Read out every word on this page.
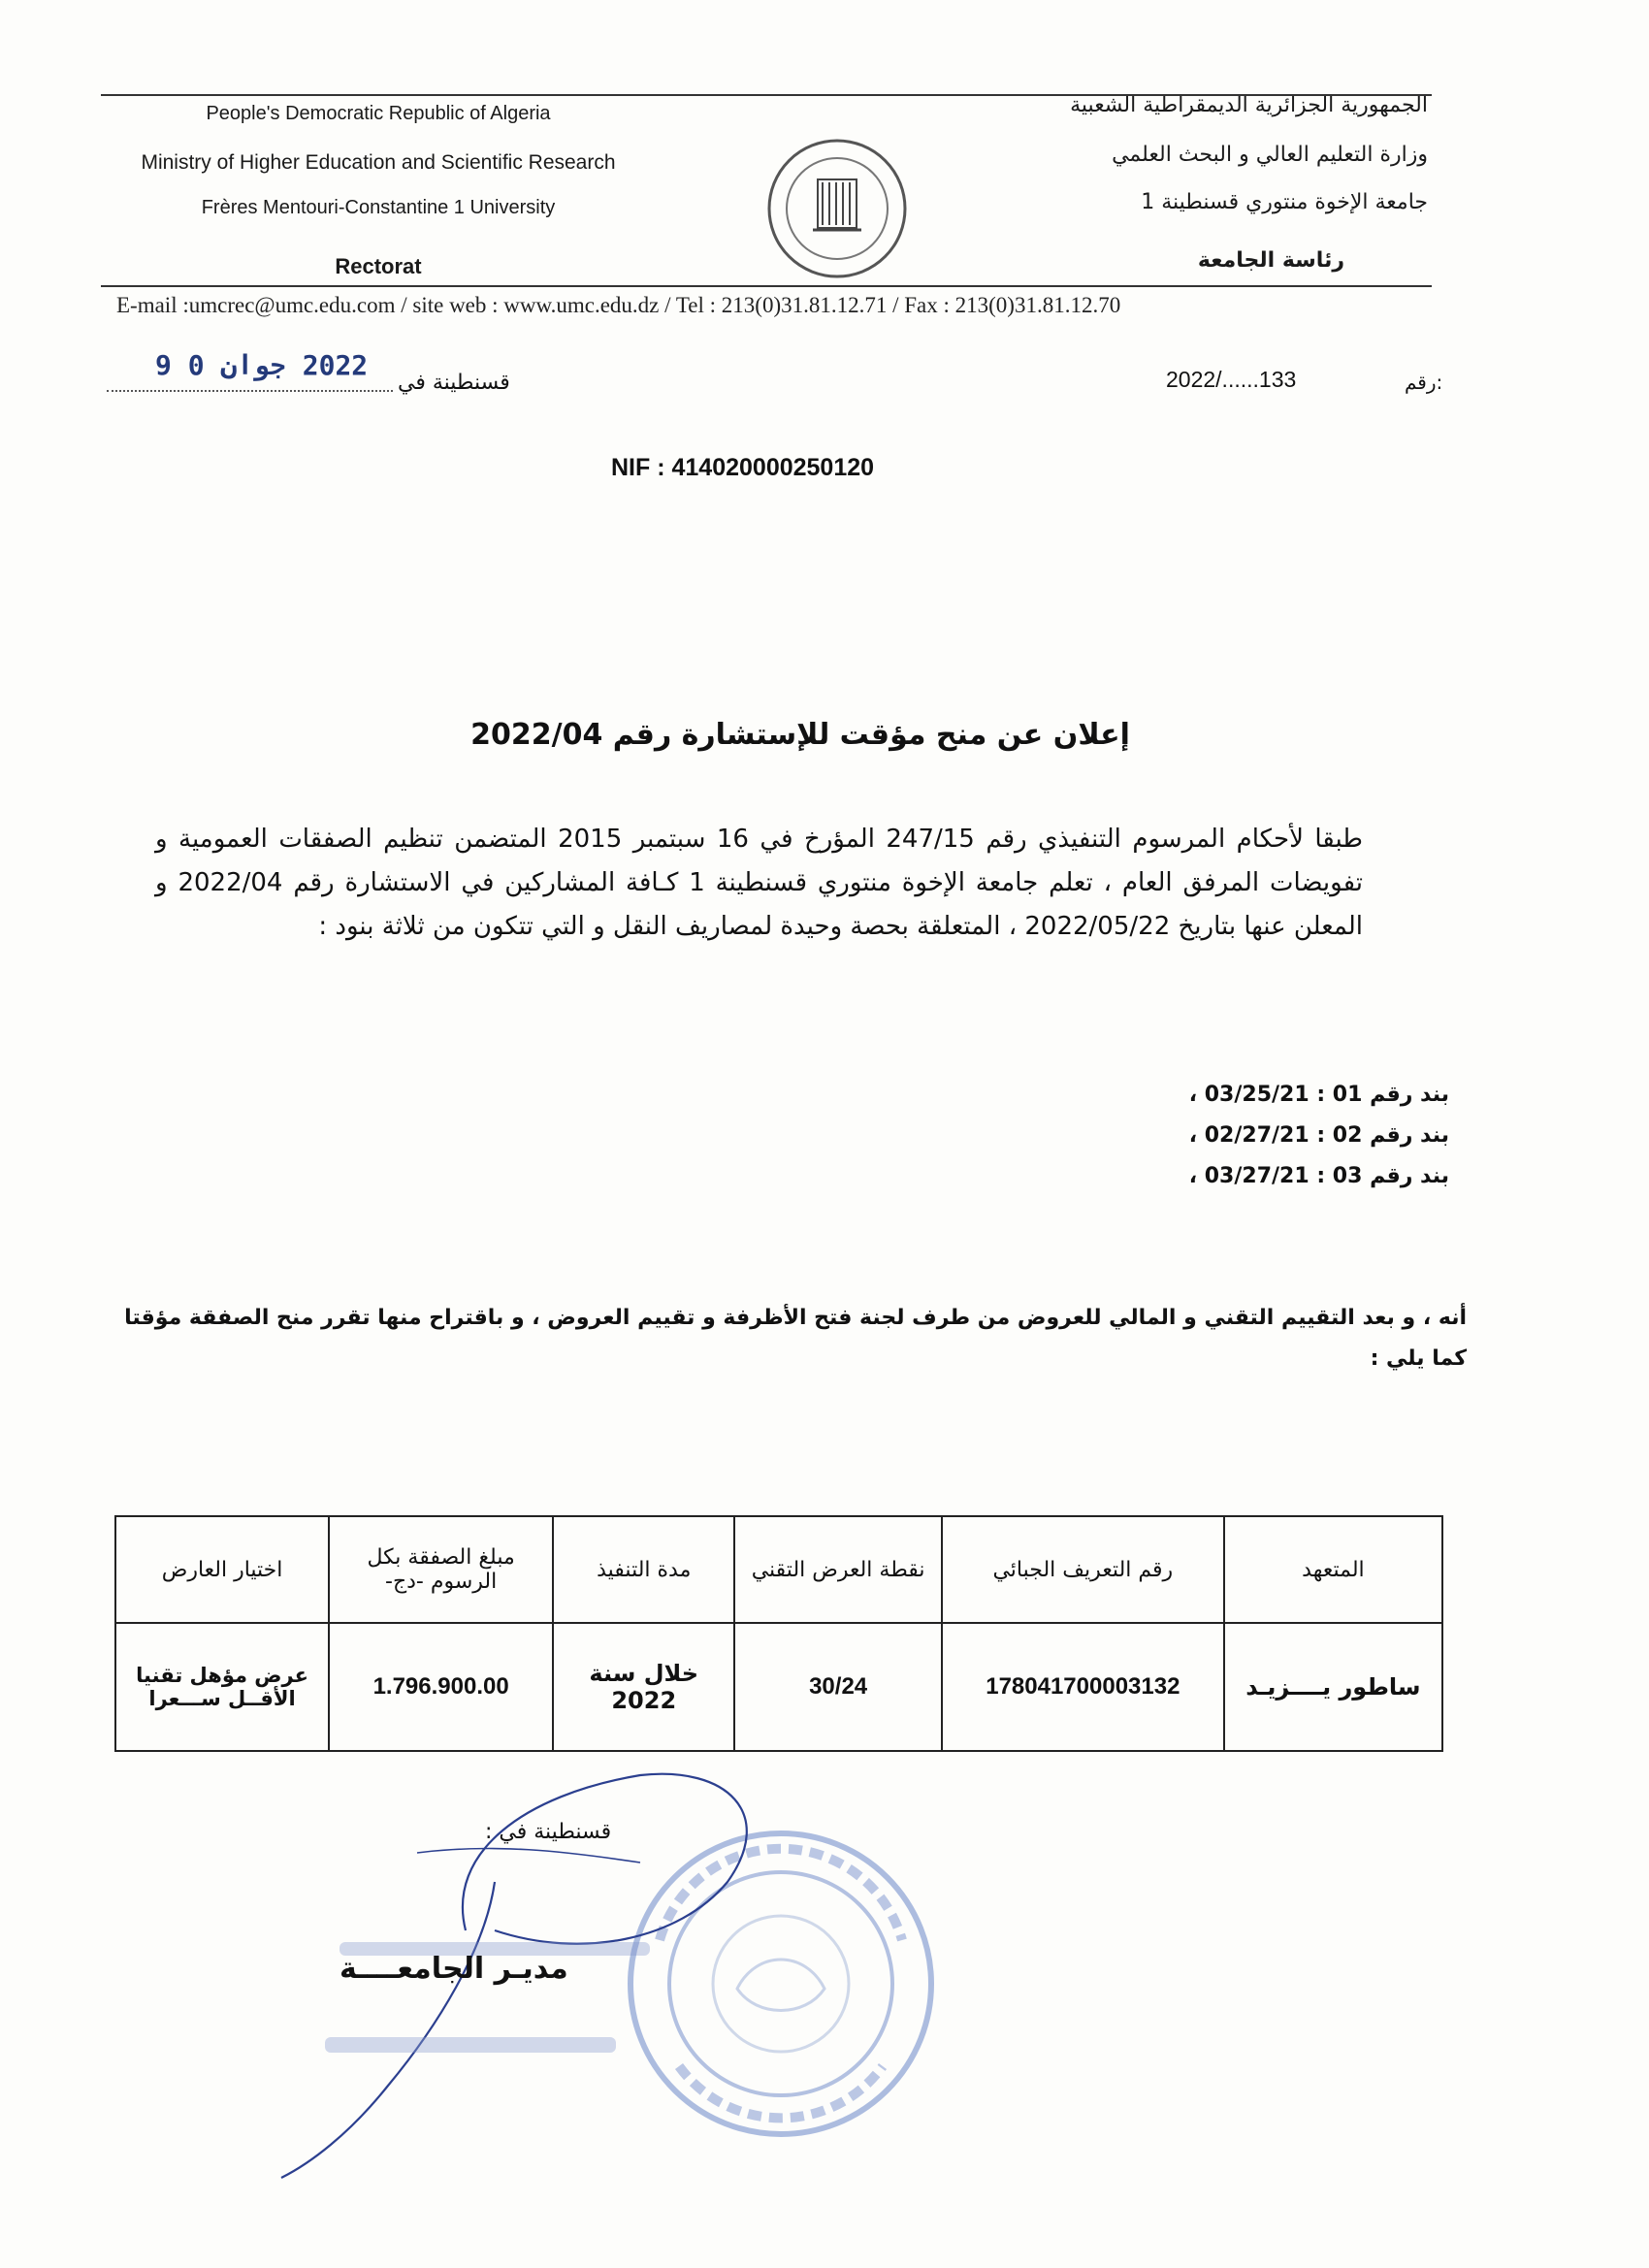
People's Democratic Republic of Algeria
Ministry of Higher Education and Scientific Research
Frères Mentouri-Constantine 1 University
Rectorat
الجمهورية الجزائرية الديمقراطية الشعبية
وزارة التعليم العالي و البحث العلمي
جامعة الإخوة منتوري قسنطينة 1
رئاسة الجامعة
E-mail :umcrec@umc.edu.com / site web : www.umc.edu.dz / Tel : 213(0)31.81.12.71 / Fax : 213(0)31.81.12.70
2022 جوان 0 9
قسنطينة في	2022/......133	رقم:
NIF : 414020000250120
إعلان عن منح مؤقت للإستشارة رقم 2022/04
طبقا لأحكام المرسوم التنفيذي رقم 247/15 المؤرخ في 16 سبتمبر 2015 المتضمن تنظيم الصفقات العمومية و تفويضات المرفق العام ، تعلم جامعة الإخوة منتوري قسنطينة 1 كـافة المشاركين في الاستشارة رقم 2022/04 و المعلن عنها بتاريخ 2022/05/22 ، المتعلقة بحصة وحيدة لمصاريف النقل و التي تتكون من ثلاثة بنود :
بند رقم 01 : 03/25/21 ،
بند رقم 02 : 02/27/21 ،
بند رقم 03 : 03/27/21 ،
أنه ، و بعد التقييم التقني و المالي للعروض من طرف لجنة فتح الأظرفة و تقييم العروض ، و باقتراح منها تقرر منح الصفقة مؤقتا كما يلي :
المتعهد	رقم التعريف الجبائي	نقطة العرض التقني	مدة التنفيذ	مبلغ الصفقة بكل الرسوم -دج-	اختيار العارض
ساطور يــــزيـد	178041700003132	30/24	خلال سنة 2022	1.796.900.00	عرض مؤهل تقنيا الأقــل ســـعرا
قسنطينة في :
مديـر الجامعــــة
